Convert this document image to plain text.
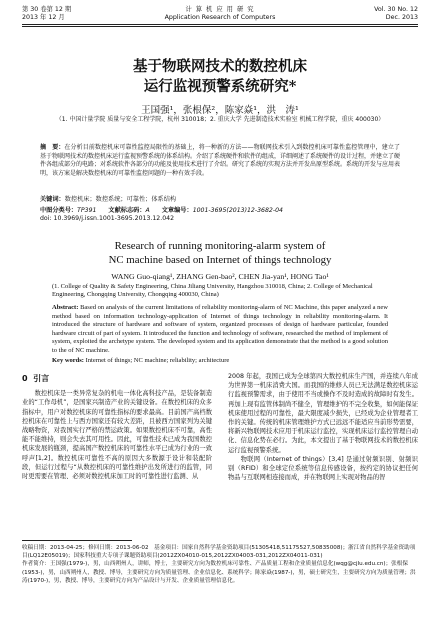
第 30 卷第 12 期
2013 年 12 月
计 算 机 应 用 研 究
Application Research of Computers
Vol. 30 No. 12
Dec. 2013
基于物联网技术的数控机床
运行监视预警系统研究*
王国强¹，张根保²，陈家焱¹，洪　涛¹
（1. 中国计量学院 质量与安全工程学院，杭州 310018；2. 重庆大学 先进制造技术实验室 机械工程学院，重庆 400030）
摘　要：在分析目前数控机床可靠性监控局限性的基础上，将一种新的方法——物联网技术引入到数控机床可靠性监控管理中，建立了基于物联网技术的数控机床运行监视预警系统的体系结构。介绍了系统硬件和软件的组成，详细阐述了系统硬件的设计过程，并建立了硬件各组成部分的电路；对系统软件各部分的功能及使用技术进行了介绍。研究了系统的实现方法并开发出原型系统。系统的开发与应用表明，该方案是解决数控机床的可靠性监控问题的一种有效手段。
关键词：数控机床；数控系统；可靠性；体系结构
中图分类号：TP391 文献标志码：A 文章编号：1001-3695(2013)12-3682-04
doi: 10.3969/j.issn.1001-3695.2013.12.042
Research of running monitoring-alarm system of
NC machine based on Internet of things technology
WANG Guo-qiang¹, ZHANG Gen-bao², CHEN Jia-yan¹, HONG Tao¹
(1. College of Quality & Safety Engineering, China Jiliang University, Hangzhou 310018, China; 2. College of Mechanical Engineering, Chongqing University, Chongqing 400030, China)
Abstract: Based on analysis of the current limitations of reliability monitoring-alarm of NC Machine, this paper analyzed a new method based on information technology-application of Internet of things technology in reliability monitoring-alarm. It introduced the structure of hardware and software of system, organized processes of design of hardware particular, founded hardware circuit of part of system. It introduced the function and technology of software, researched the method of implement of system, exploited the archetype system. The developed system and its application demonstrate that the method is a good solution to the of NC machine.
Key words: Internet of things; NC machine; reliability; architecture
0 引言

数控机床是一类异常复杂的机电一体化高科技产品，是装备制造业的“工作母机”，是国家兴制造产业的关键设备。在数控机床的众多指标中，用户对数控机床的可靠性指标的要求最高。目前国产高档数控机床在可靠性上与西方国家还有较大差距，且被西方国家列为关键战略物资，对我国实行严格的禁运政策。如果数控机床不可靠，高性能不能维持，则会失去其可用性。因此，可靠性技术已成为我国数控机床发展的瓶颈，提高国产数控机床的可靠性水平已成为行业的一致呼声[1,2]。数控机床可靠性不高的原因大多数源于设计和装配阶段，但运行过程与“从数控机床的可靠性维护出发所进行的监管，同时更需要在管理、必须对数控机床加工时的可靠性进行监测、从

2008 年起，我国已成为全球第四大数控机床生产国，并连续八年成为世界第一机床消费大国。而我国的维修人员已无法满足数控机床运行监视预警需求，由于使用不当或操作不及时造成的故障时有发生。再加上现有监管体制尚不健全，管理维护的不完全收集，如何能保证机床使用过程的可靠性，最大限度减少损失，已经成为企业管理者工作的关键。传统的机床管理维护方式已远远不能适应当前形势需要，将新兴物联网技术应用于机床运行监控，实现机床运行监控管理自动化、信息化势在必行。为此，本文提出了基于物联网技术的数控机床运行监视预警系统。

物联网（Internet of things）[3,4] 是通过射频识别、射频识别（RFID）和全球定位系统等信息传感设备，按约定的协议把任何物品与互联网相连接而成，并在物联网上实现对物品的智

收稿日期：2013-04-25；修回日期：2013-06-02　基金项目：国家自然科学基金资助项目(51305418,51175527,50835008)；浙江省自然科学基金资助项目(LQ12E05019)；国家科技重大专项子课题资助项目(2012ZX04010-015,2012ZX04003-031,2012ZX04011-031)

作者简介：王国强(1979-)，男，山西朔州人，讲师，博士，主要研究方向为数控机床可靠性、产品质量工程和企业质量信息化(wqg@cjlu.edu.cn)；张根保(1953-)，男，山西朔州人，教授、博导，主要研究方向为质量管理、企业信息化、系统科学；陈家焱(1987-)，男，硕士研究生，主要研究方向为质量管理；洪涛(1970-)，男，教授、博导，主要研究方向为产品设计与开发、企业质量管理信息化。
